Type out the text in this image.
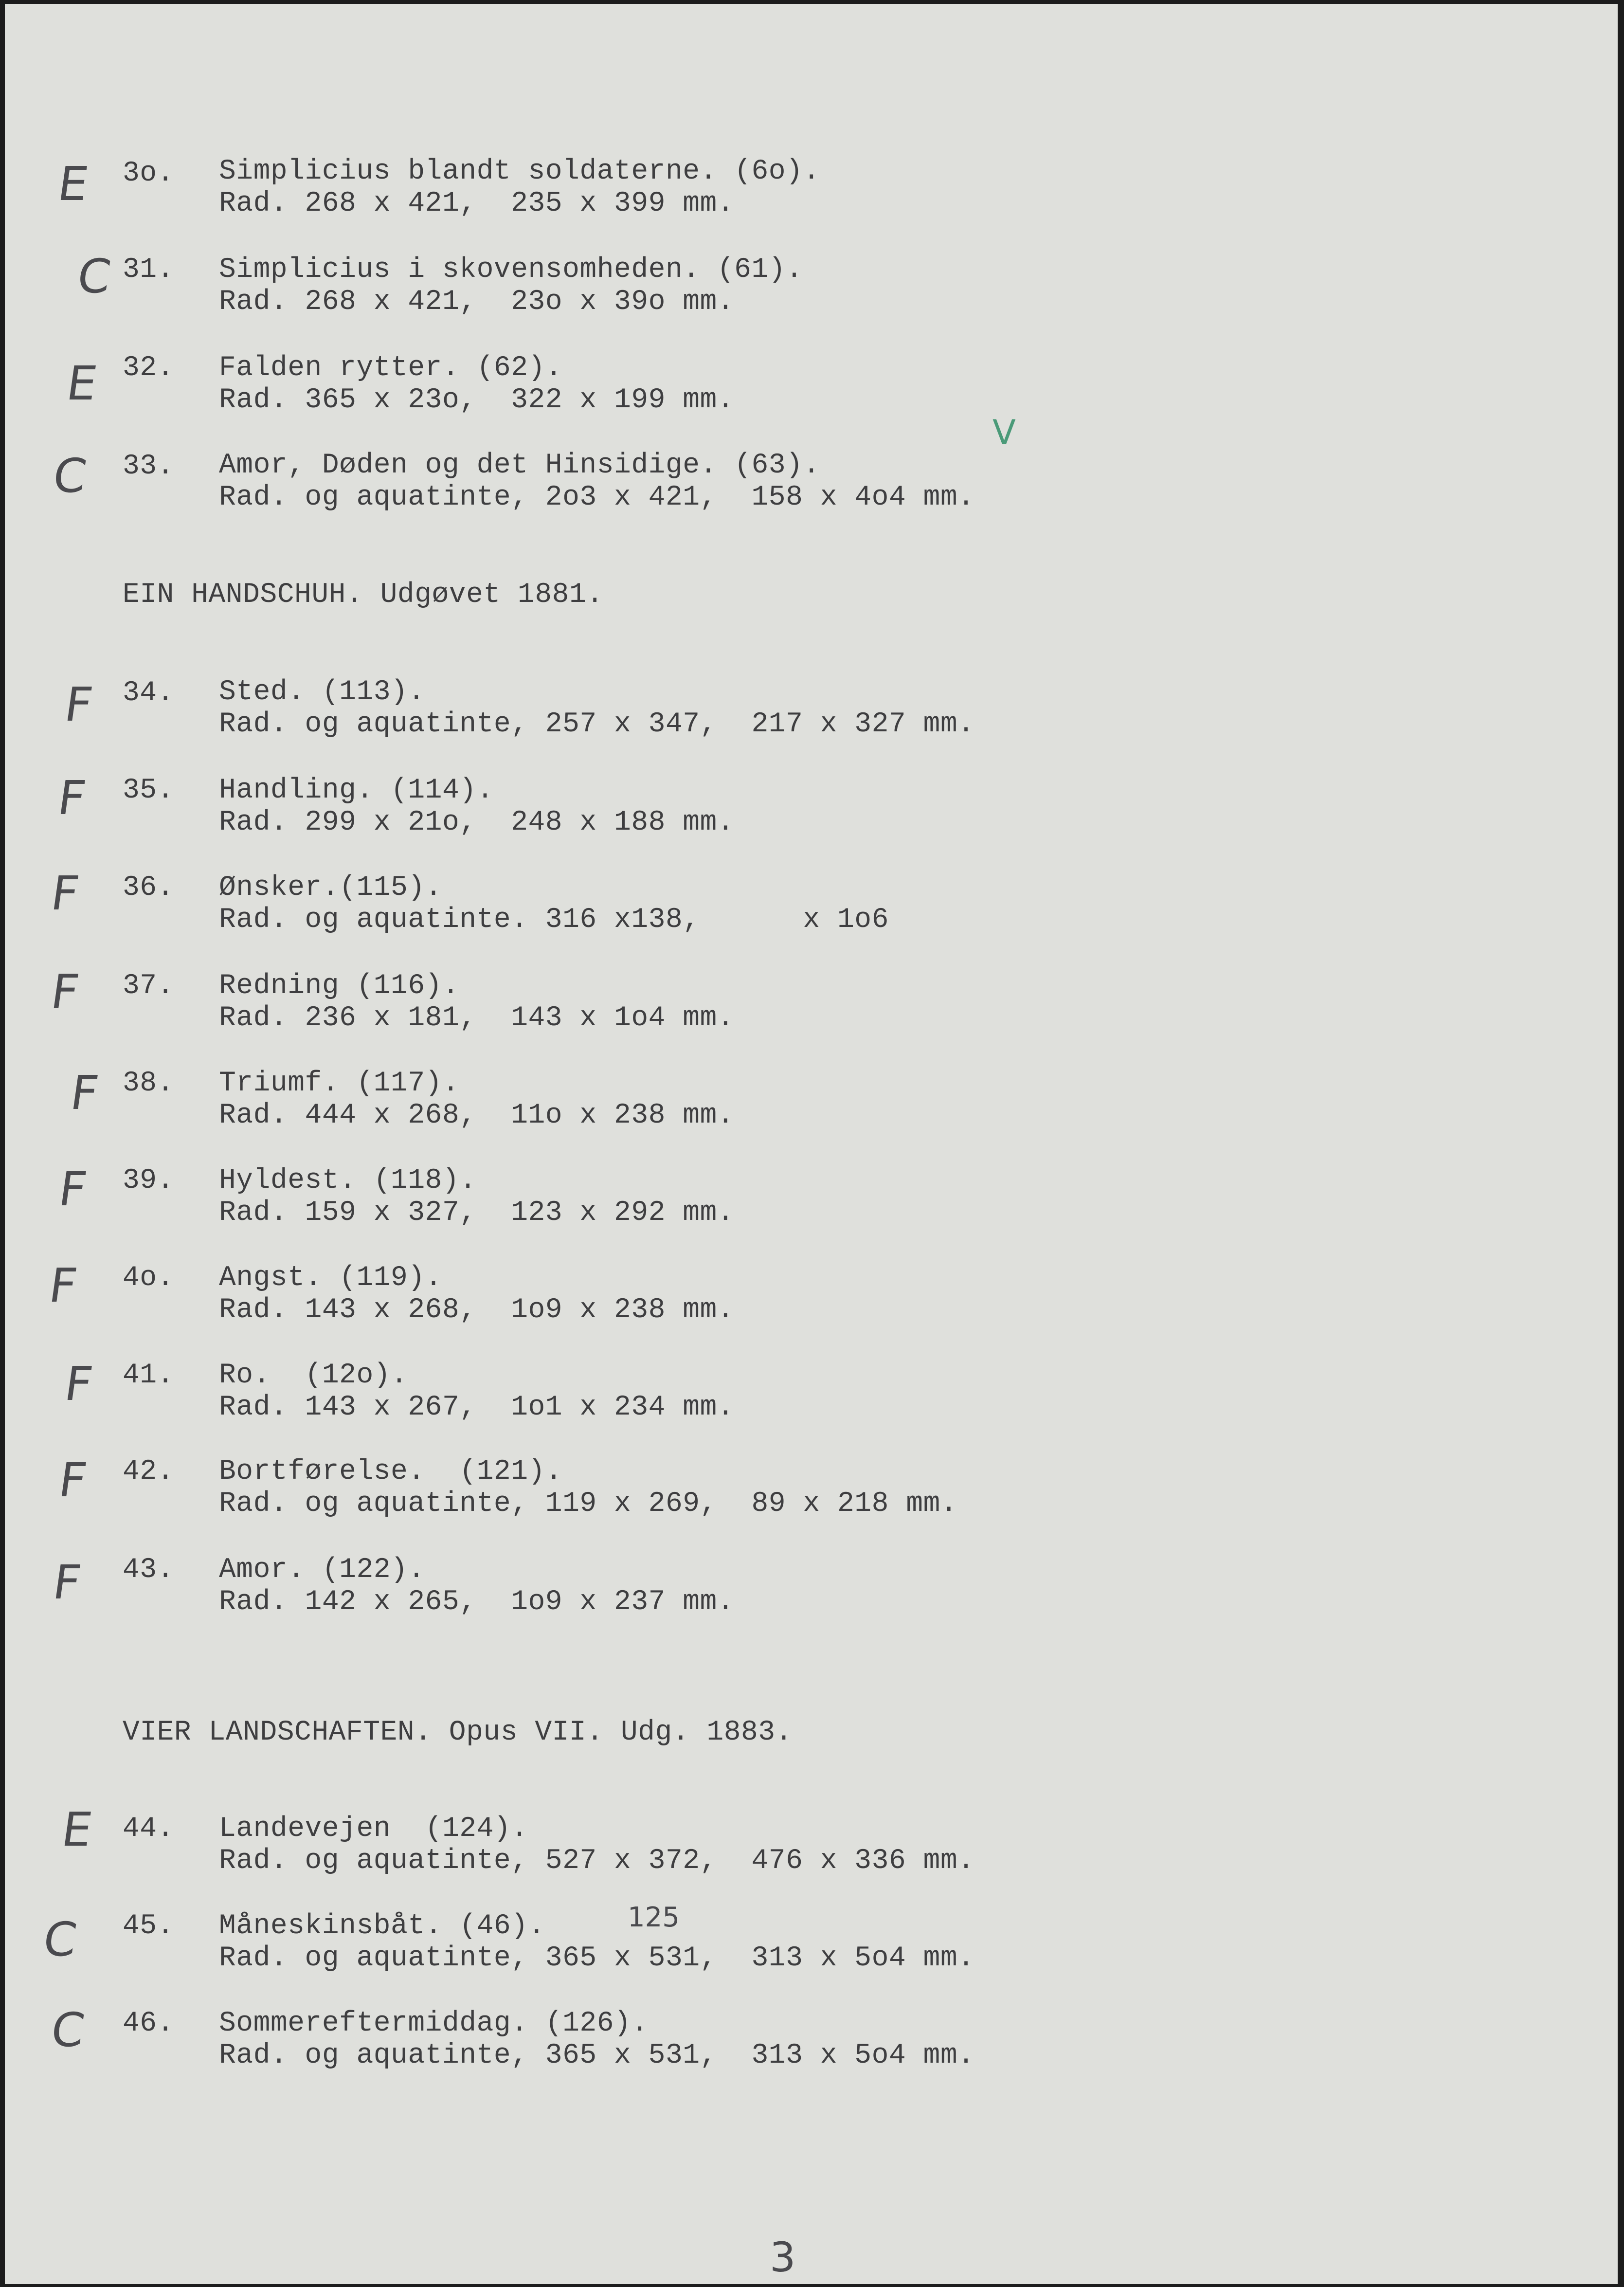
E 3o. Simplicius blandt soldaterne. (6o).
Rad. 268 x 421,  235 x 399 mm.
C 31. Simplicius i skovensomheden. (61).
Rad. 268 x 421,  23o x 39o mm.
E 32. Falden rytter. (62).
Rad. 365 x 23o,  322 x 199 mm.
C 33. Amor, Døden og det Hinsidige. (63).
Rad. og aquatinte, 2o3 x 421,  158 x 4o4 mm.
V
EIN HANDSCHUH. Udgøvet 1881.
F 34. Sted. (113).
Rad. og aquatinte, 257 x 347,  217 x 327 mm.
F 35. Handling. (114).
Rad. 299 x 21o,  248 x 188 mm.
F 36. Ønsker.(115).
Rad. og aquatinte. 316 x138,      x 1o6
F 37. Redning (116).
Rad. 236 x 181,  143 x 1o4 mm.
F 38. Triumf. (117).
Rad. 444 x 268,  11o x 238 mm.
F 39. Hyldest. (118).
Rad. 159 x 327,  123 x 292 mm.
F 4o. Angst. (119).
Rad. 143 x 268,  1o9 x 238 mm.
F 41. Ro.  (12o).
Rad. 143 x 267,  1o1 x 234 mm.
F 42. Bortførelse.  (121).
Rad. og aquatinte, 119 x 269,  89 x 218 mm.
F 43. Amor. (122).
Rad. 142 x 265,  1o9 x 237 mm.
VIER LANDSCHAFTEN. Opus VII. Udg. 1883.
E 44. Landevejen  (124).
Rad. og aquatinte, 527 x 372,  476 x 336 mm.
C 45. Måneskinsbåt. (46).	125
Rad. og aquatinte, 365 x 531,  313 x 5o4 mm.
C 46. Sommereftermiddag. (126).
Rad. og aquatinte, 365 x 531,  313 x 5o4 mm.
3
